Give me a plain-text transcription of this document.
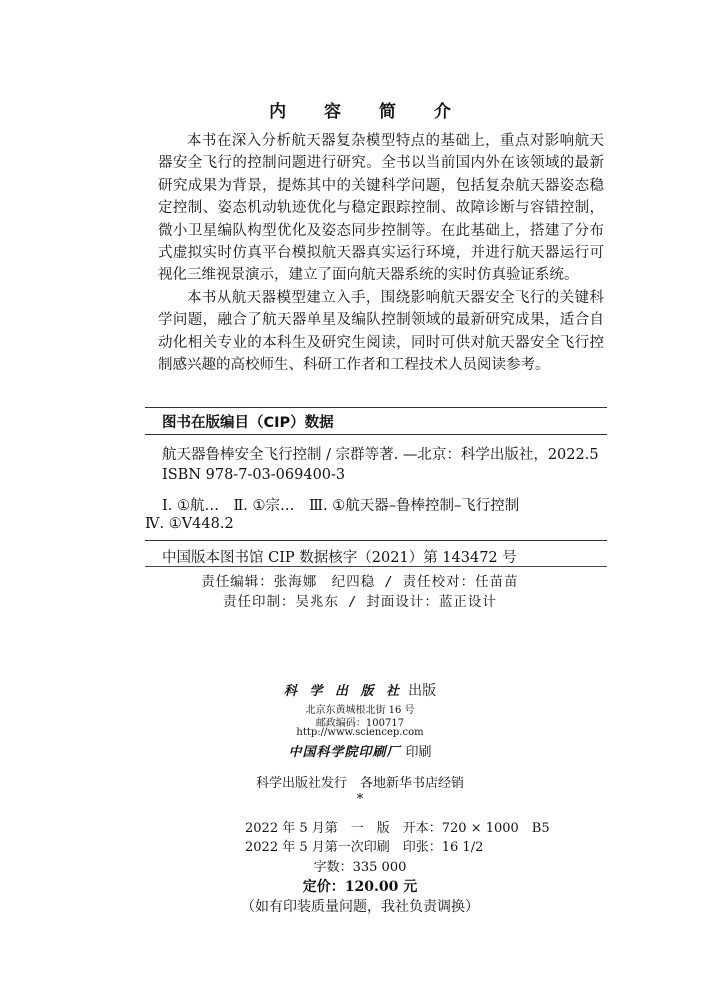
内 容 简 介

本书在深入分析航天器复杂模型特点的基础上，重点对影响航天器安全飞行的控制问题进行研究。全书以当前国内外在该领域的最新研究成果为背景，提炼其中的关键科学问题，包括复杂航天器姿态稳定控制、姿态机动轨迹优化与稳定跟踪控制、故障诊断与容错控制，微小卫星编队构型优化及姿态同步控制等。在此基础上，搭建了分布式虚拟实时仿真平台模拟航天器真实运行环境，并进行航天器运行可视化三维视景演示，建立了面向航天器系统的实时仿真验证系统。

本书从航天器模型建立入手，围绕影响航天器安全飞行的关键科学问题，融合了航天器单星及编队控制领域的最新研究成果，适合自动化相关专业的本科生及研究生阅读，同时可供对航天器安全飞行控制感兴趣的高校师生、科研工作者和工程技术人员阅读参考。

图书在版编目（CIP）数据
航天器鲁棒安全飞行控制 / 宗群等著. —北京：科学出版社，2022.5
ISBN 978-7-03-069400-3
Ⅰ. ①航…　Ⅱ. ①宗…　Ⅲ. ①航天器–鲁棒控制–飞行控制
Ⅳ. ①V448.2
中国版本图书馆 CIP 数据核字（2021）第 143472 号
责任编辑：张海娜　纪四稳 / 责任校对：任苗苗
责任印制：吴兆东 / 封面设计：蓝正设计
科 学 出 版 社 出版
北京东黄城根北街 16 号
邮政编码：100717
http://www.sciencep.com
中国科学院印刷厂 印刷
科学出版社发行　各地新华书店经销
*
2022 年 5 月第　一　版　开本：720 × 1000　B5
2022 年 5 月第一次印刷　印张：16 1/2
字数：335 000
定价：120.00 元
（如有印装质量问题，我社负责调换）
